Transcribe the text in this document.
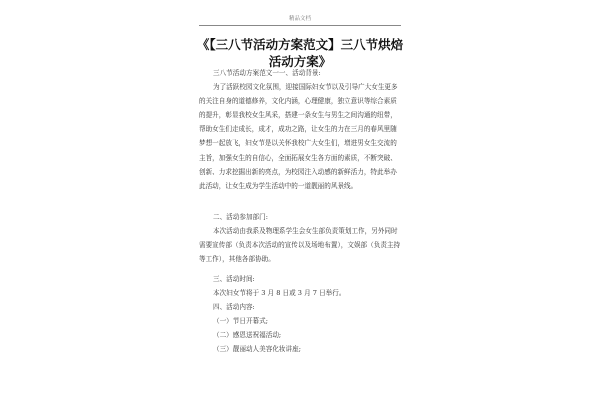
精品文档
《【三八节活动方案范文】三八节烘焙活动方案》

三八节活动方案范文一一、活动背景:

为了活跃校园文化氛围，迎接国际妇女节以及引导广大女生更多的关注自身的道德修养，文化内涵，心理健康，独立意识等综合素质的提升，彰显我校女生风采，搭建一条女生与男生之间沟通的纽带，帮助女生们走成长，成才，成功之路，让女生的力在三月的春风里随梦想一起放飞，妇女节是以关怀我校广大女生们，增进男女生交流的主旨，加强女生的自信心，全面拓展女生各方面的素质，不断突破、创新、力求挖掘出新的亮点，为校园注入动感的新鲜活力，特此举办此活动，让女生成为学生活动中的一道靓丽的风景线。

二、活动参加部门:

本次活动由我系及物理系学生会女生部负责策划工作，另外同时需要宣传部（负责本次活动的宣传以及场地布置），文娱部（负责主持等工作），其他各部协助。

三、活动时间:

本次妇女节将于 3 月 8 日或 3 月 7 日举行。

四、活动内容:

（一）节日开幕式;

（二）感恩送祝福活动;

（三）靓丽动人美容化妆讲座;
